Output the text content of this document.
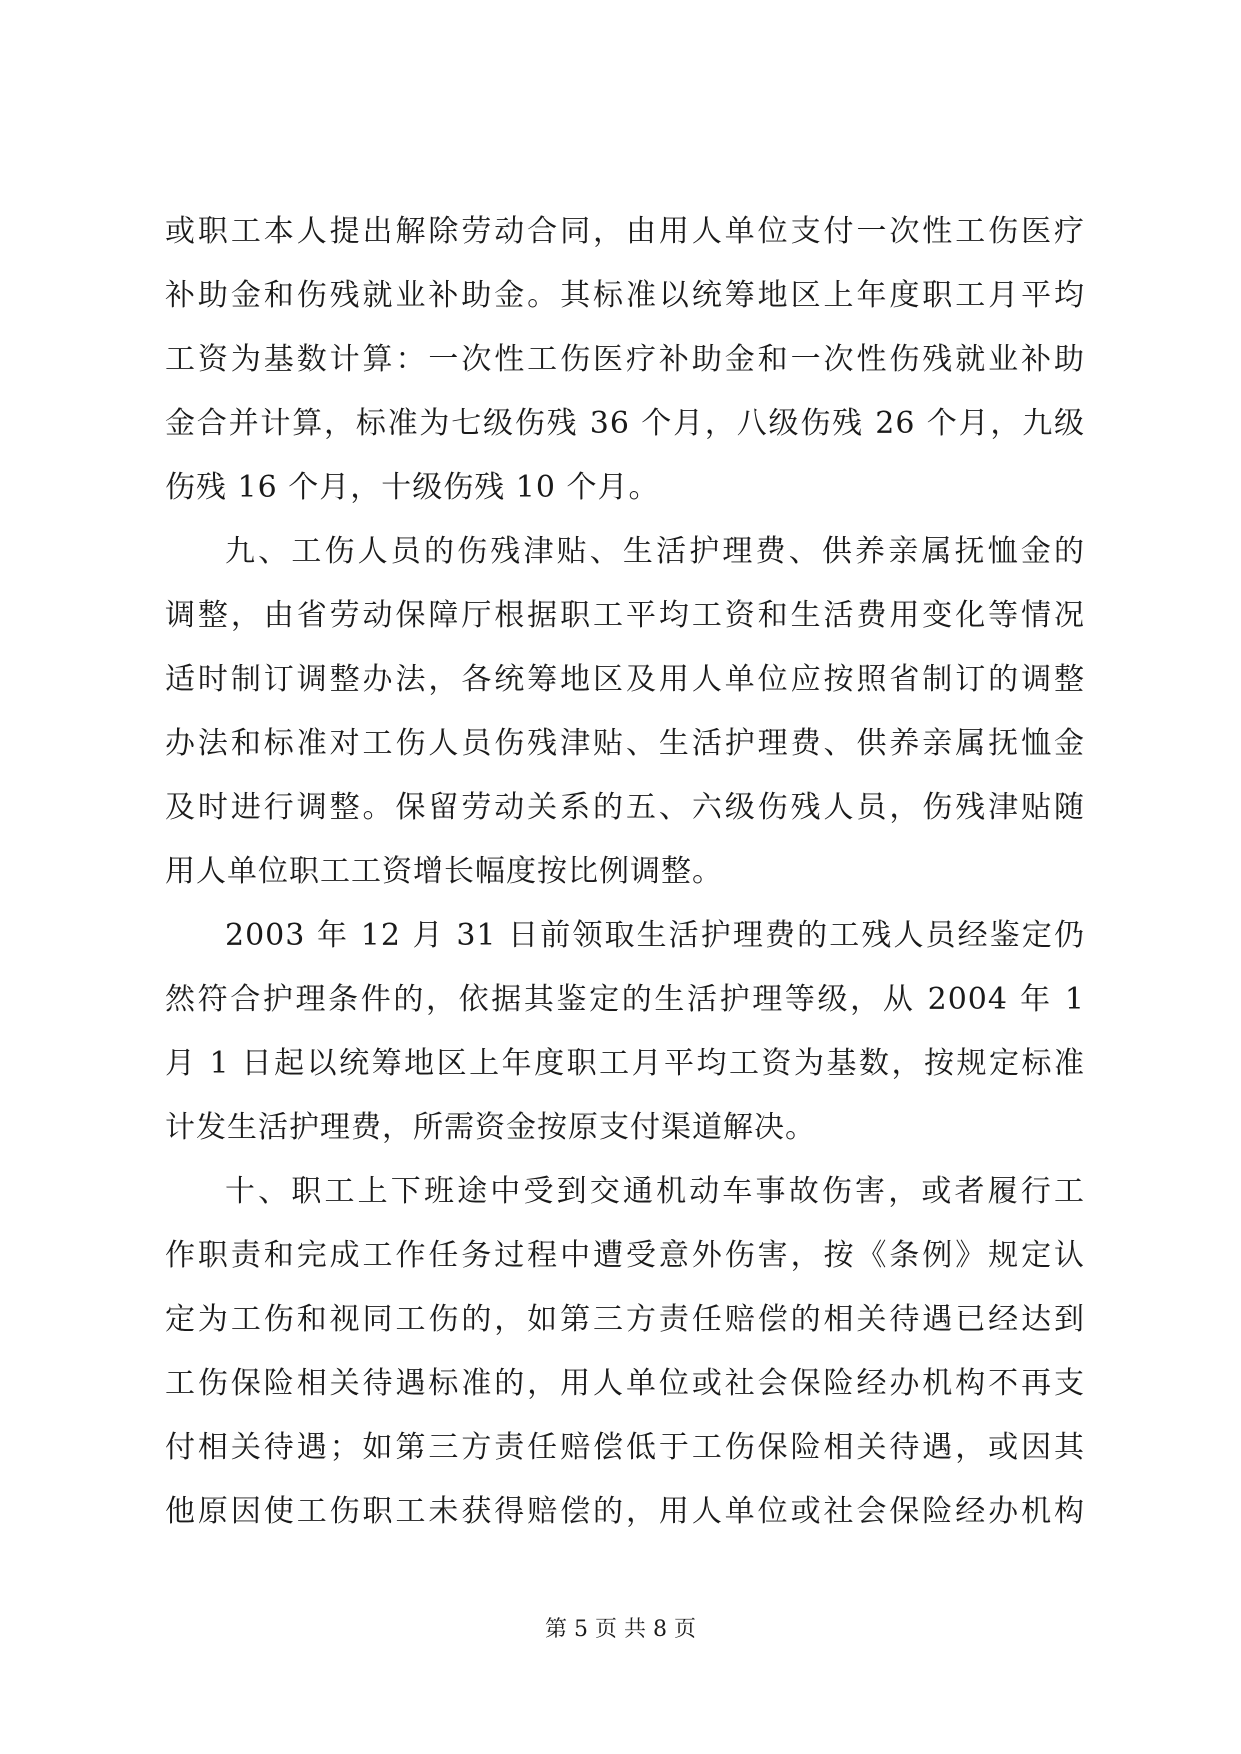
或职工本人提出解除劳动合同，由用人单位支付一次性工伤医疗
补助金和伤残就业补助金。其标准以统筹地区上年度职工月平均
工资为基数计算：一次性工伤医疗补助金和一次性伤残就业补助
金合并计算，标准为七级伤残 36 个月，八级伤残 26 个月，九级
伤残 16 个月，十级伤残 10 个月。
九、工伤人员的伤残津贴、生活护理费、供养亲属抚恤金的
调整，由省劳动保障厅根据职工平均工资和生活费用变化等情况
适时制订调整办法，各统筹地区及用人单位应按照省制订的调整
办法和标准对工伤人员伤残津贴、生活护理费、供养亲属抚恤金
及时进行调整。保留劳动关系的五、六级伤残人员，伤残津贴随
用人单位职工工资增长幅度按比例调整。
2003 年 12 月 31 日前领取生活护理费的工残人员经鉴定仍
然符合护理条件的，依据其鉴定的生活护理等级，从 2004 年 1
月 1 日起以统筹地区上年度职工月平均工资为基数，按规定标准
计发生活护理费，所需资金按原支付渠道解决。
十、职工上下班途中受到交通机动车事故伤害，或者履行工
作职责和完成工作任务过程中遭受意外伤害，按《条例》规定认
定为工伤和视同工伤的，如第三方责任赔偿的相关待遇已经达到
工伤保险相关待遇标准的，用人单位或社会保险经办机构不再支
付相关待遇；如第三方责任赔偿低于工伤保险相关待遇，或因其
他原因使工伤职工未获得赔偿的，用人单位或社会保险经办机构
第 5 页 共 8 页
